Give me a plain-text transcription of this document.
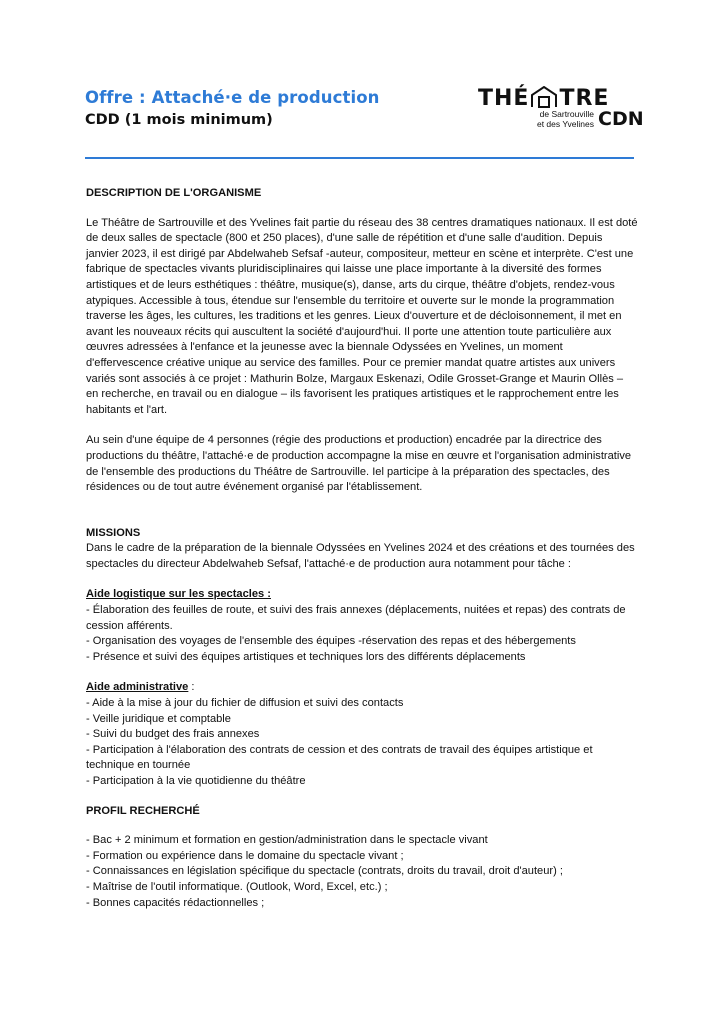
Offre : Attaché·e de production
CDD (1 mois minimum)
THÉ TRE
de Sartrouville
et des Yvelines CDN

DESCRIPTION DE L'ORGANISME

Le Théâtre de Sartrouville et des Yvelines fait partie du réseau des 38 centres dramatiques nationaux. Il est doté de deux salles de spectacle (800 et 250 places), d'une salle de répétition et d'une salle d'audition. Depuis janvier 2023, il est dirigé par Abdelwaheb Sefsaf -auteur, compositeur, metteur en scène et interprète. C'est une fabrique de spectacles vivants pluridisciplinaires qui laisse une place importante à la diversité des formes artistiques et de leurs esthétiques : théâtre, musique(s), danse, arts du cirque, théâtre d'objets, rendez-vous atypiques. Accessible à tous, étendue sur l'ensemble du territoire et ouverte sur le monde la programmation traverse les âges, les cultures, les traditions et les genres. Lieux d'ouverture et de décloisonnement, il met en avant les nouveaux récits qui auscultent la société d'aujourd'hui. Il porte une attention toute particulière aux œuvres adressées à l'enfance et la jeunesse avec la biennale Odyssées en Yvelines, un moment d'effervescence créative unique au service des familles. Pour ce premier mandat quatre artistes aux univers variés sont associés à ce projet : Mathurin Bolze, Margaux Eskenazi, Odile Grosset-Grange et Maurin Ollès – en recherche, en travail ou en dialogue – ils favorisent les pratiques artistiques et le rapprochement entre les habitants et l'art.

Au sein d'une équipe de 4 personnes (régie des productions et production) encadrée par la directrice des productions du théâtre, l'attaché·e de production accompagne la mise en œuvre et l'organisation administrative de l'ensemble des productions du Théâtre de Sartrouville. Iel participe à la préparation des spectacles, des résidences ou de tout autre événement organisé par l'établissement.

MISSIONS

Dans le cadre de la préparation de la biennale Odyssées en Yvelines 2024 et des créations et des tournées des spectacles du directeur Abdelwaheb Sefsaf, l'attaché·e de production aura notamment pour tâche :

Aide logistique sur les spectacles :

- Élaboration des feuilles de route, et suivi des frais annexes (déplacements, nuitées et repas) des contrats de cession afférents.
- Organisation des voyages de l'ensemble des équipes -réservation des repas et des hébergements
- Présence et suivi des équipes artistiques et techniques lors des différents déplacements

Aide administrative :

- Aide à la mise à jour du fichier de diffusion et suivi des contacts
- Veille juridique et comptable
- Suivi du budget des frais annexes
- Participation à l'élaboration des contrats de cession et des contrats de travail des équipes artistique et technique en tournée
- Participation à la vie quotidienne du théâtre

PROFIL RECHERCHÉ

- Bac + 2 minimum et formation en gestion/administration dans le spectacle vivant
- Formation ou expérience dans le domaine du spectacle vivant ;
- Connaissances en législation spécifique du spectacle (contrats, droits du travail, droit d'auteur) ;
- Maîtrise de l'outil informatique. (Outlook, Word, Excel, etc.) ;
- Bonnes capacités rédactionnelles ;
